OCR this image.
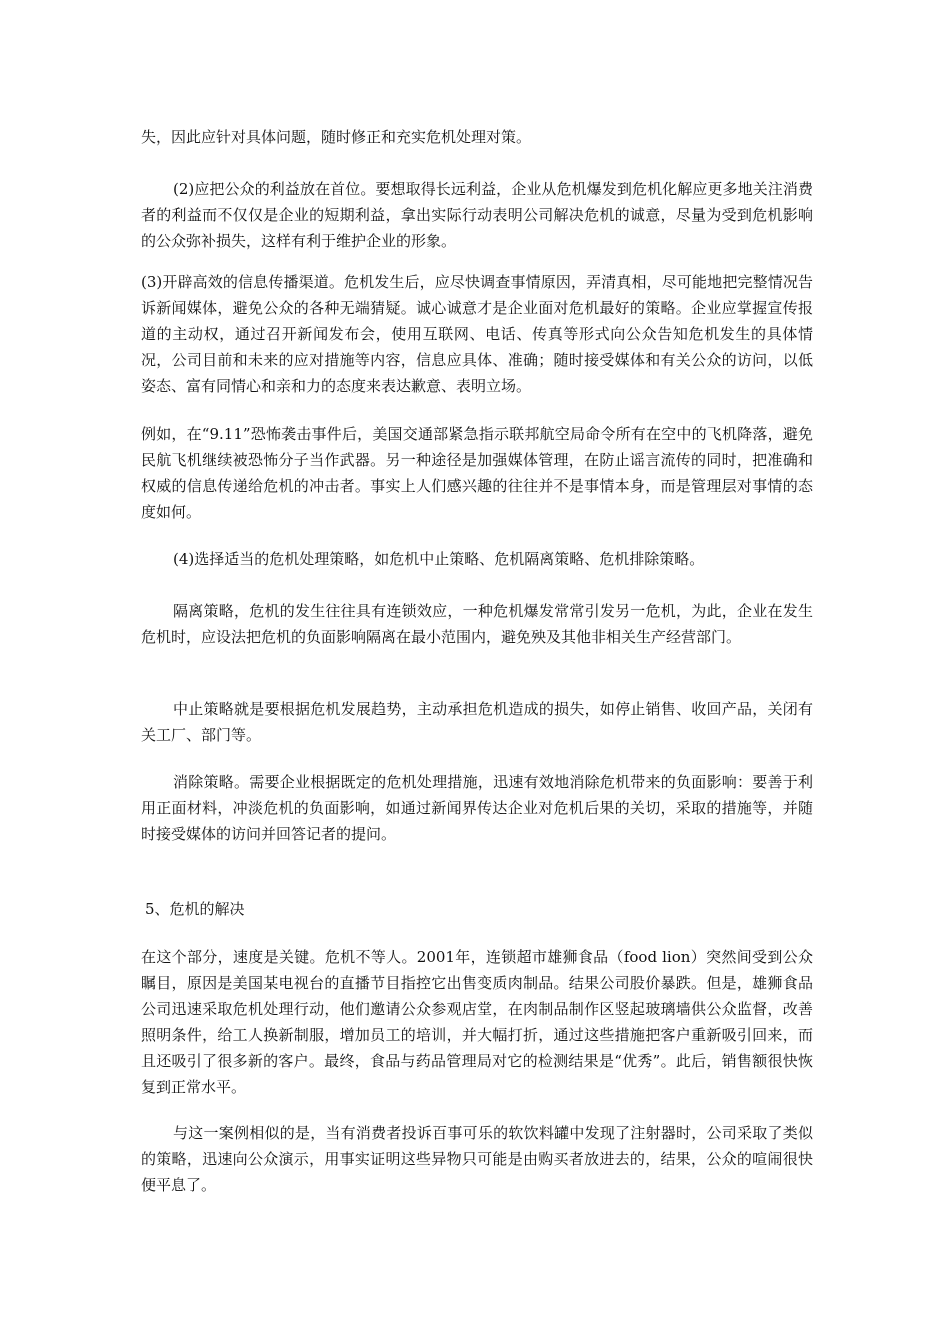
失，因此应针对具体问题，随时修正和充实危机处理对策。

(2)应把公众的利益放在首位。要想取得长远利益，企业从危机爆发到危机化解应更多地关注消费者的利益而不仅仅是企业的短期利益，拿出实际行动表明公司解决危机的诚意，尽量为受到危机影响的公众弥补损失，这样有利于维护企业的形象。

(3)开辟高效的信息传播渠道。危机发生后，应尽快调查事情原因，弄清真相，尽可能地把完整情况告诉新闻媒体，避免公众的各种无端猜疑。诚心诚意才是企业面对危机最好的策略。企业应掌握宣传报道的主动权，通过召开新闻发布会，使用互联网、电话、传真等形式向公众告知危机发生的具体情况，公司目前和未来的应对措施等内容，信息应具体、准确；随时接受媒体和有关公众的访问，以低姿态、富有同情心和亲和力的态度来表达歉意、表明立场。

例如，在“9.11”恐怖袭击事件后，美国交通部紧急指示联邦航空局命令所有在空中的飞机降落，避免民航飞机继续被恐怖分子当作武器。另一种途径是加强媒体管理，在防止谣言流传的同时，把准确和权威的信息传递给危机的冲击者。事实上人们感兴趣的往往并不是事情本身，而是管理层对事情的态度如何。

(4)选择适当的危机处理策略，如危机中止策略、危机隔离策略、危机排除策略。

隔离策略，危机的发生往往具有连锁效应，一种危机爆发常常引发另一危机，为此，企业在发生危机时，应设法把危机的负面影响隔离在最小范围内，避免殃及其他非相关生产经营部门。

中止策略就是要根据危机发展趋势，主动承担危机造成的损失，如停止销售、收回产品，关闭有关工厂、部门等。

消除策略。需要企业根据既定的危机处理措施，迅速有效地消除危机带来的负面影响：要善于利用正面材料，冲淡危机的负面影响，如通过新闻界传达企业对危机后果的关切，采取的措施等，并随时接受媒体的访问并回答记者的提问。

5、危机的解决

在这个部分，速度是关键。危机不等人。2001年，连锁超市雄狮食品（food lion）突然间受到公众瞩目，原因是美国某电视台的直播节目指控它出售变质肉制品。结果公司股价暴跌。但是，雄狮食品公司迅速采取危机处理行动，他们邀请公众参观店堂，在肉制品制作区竖起玻璃墙供公众监督，改善照明条件，给工人换新制服，增加员工的培训，并大幅打折，通过这些措施把客户重新吸引回来，而且还吸引了很多新的客户。最终，食品与药品管理局对它的检测结果是“优秀”。此后，销售额很快恢复到正常水平。

与这一案例相似的是，当有消费者投诉百事可乐的软饮料罐中发现了注射器时，公司采取了类似的策略，迅速向公众演示，用事实证明这些异物只可能是由购买者放进去的，结果，公众的喧闹很快便平息了。
